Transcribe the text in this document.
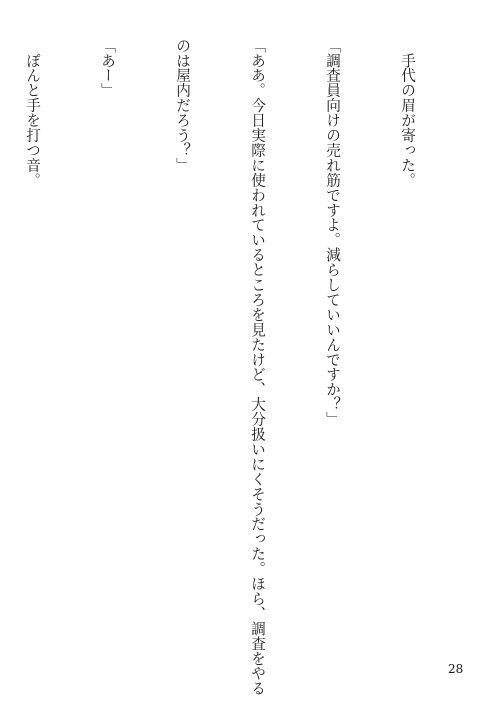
　手代の眉が寄った。

「調査員向けの売れ筋ですよ。減らしていいんですか？」

「ああ。今日実際に使われているところを見たけど、大分扱いにくそうだった。ほら、調査をやる

のは屋内だろう？」

「あー」

　ぽんと手を打つ音。

28
